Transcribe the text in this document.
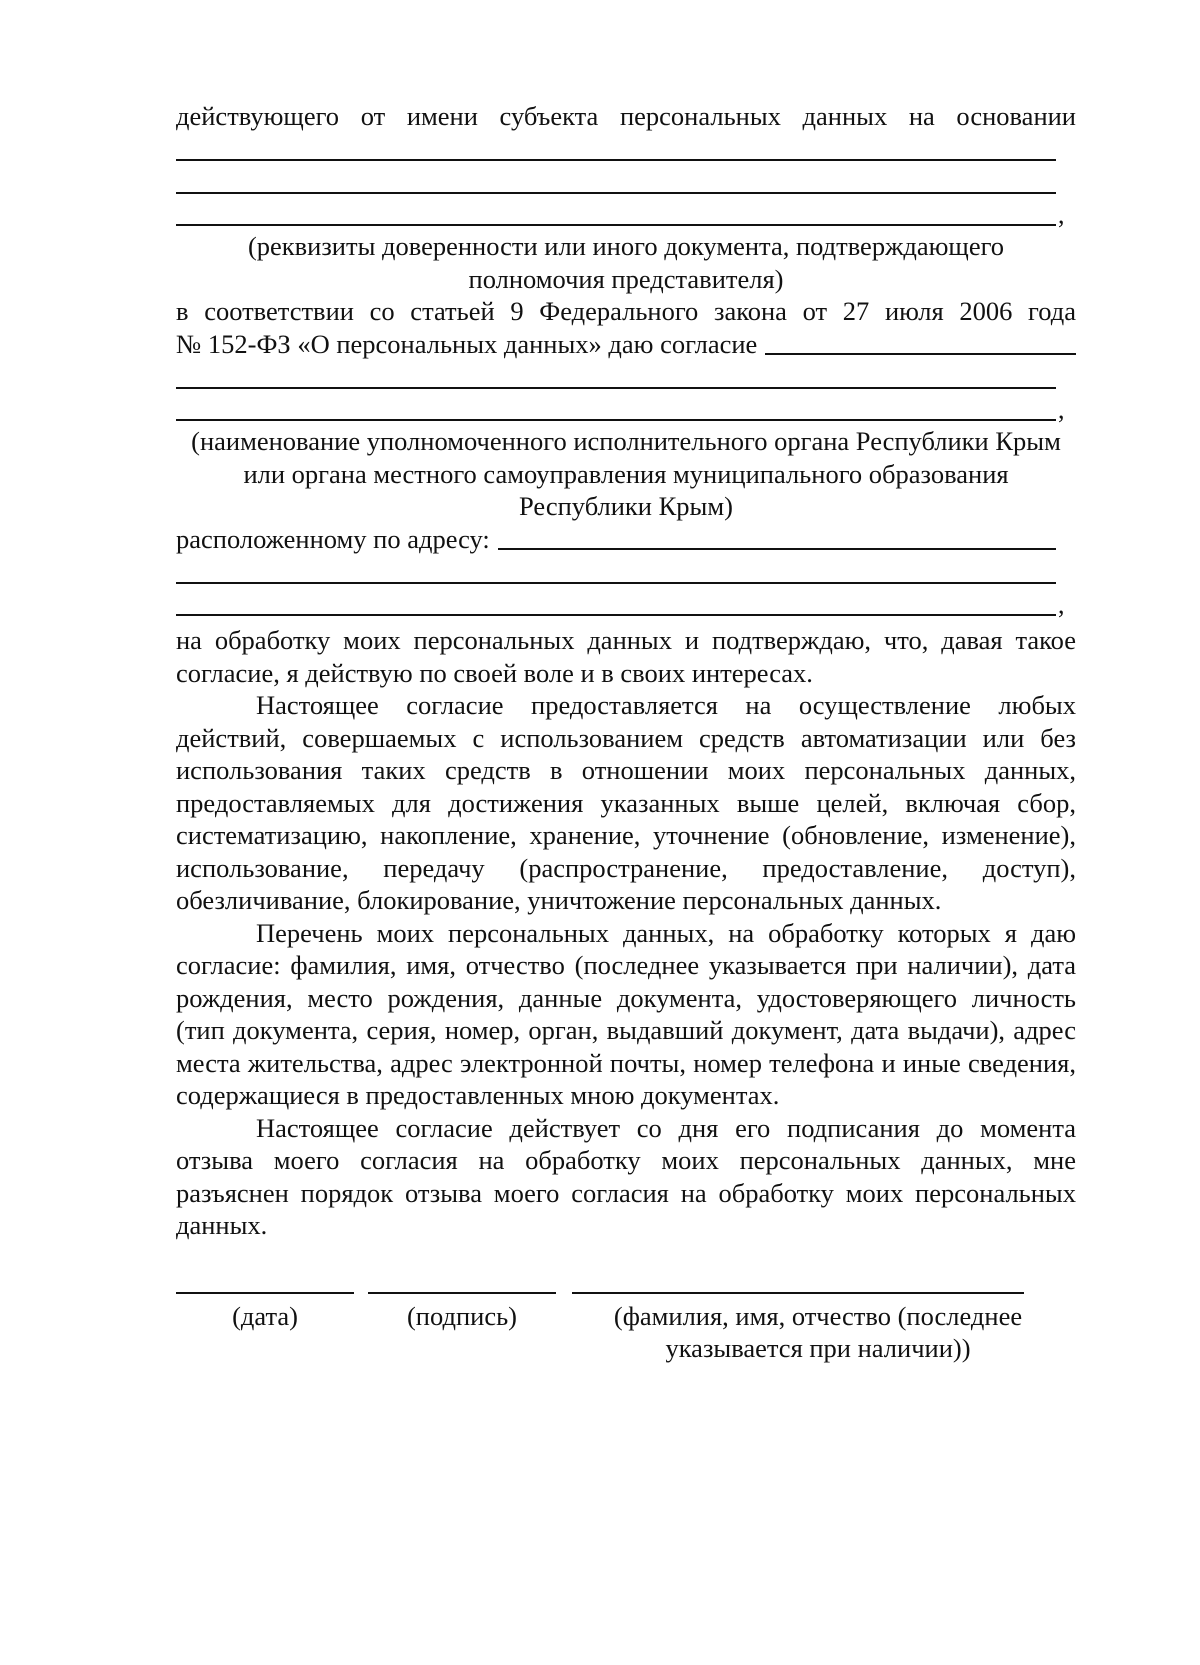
действующего от имени субъекта персональных данных на основании
,
(реквизиты доверенности или иного документа, подтверждающего полномочия представителя)
в соответствии со статьей 9 Федерального закона от 27 июля 2006 года
№ 152-ФЗ «О персональных данных» даю согласие
,
(наименование уполномоченного исполнительного органа Республики Крым или органа местного самоуправления муниципального образования Республики Крым)
расположенному по адресу:
,
на обработку моих персональных данных и подтверждаю, что, давая такое согласие, я действую по своей воле и в своих интересах.
Настоящее согласие предоставляется на осуществление любых действий, совершаемых с использованием средств автоматизации или без использования таких средств в отношении моих персональных данных, предоставляемых для достижения указанных выше целей, включая сбор, систематизацию, накопление, хранение, уточнение (обновление, изменение), использование, передачу (распространение, предоставление, доступ), обезличивание, блокирование, уничтожение персональных данных.
Перечень моих персональных данных, на обработку которых я даю согласие: фамилия, имя, отчество (последнее указывается при наличии), дата рождения, место рождения, данные документа, удостоверяющего личность (тип документа, серия, номер, орган, выдавший документ, дата выдачи), адрес места жительства, адрес электронной почты, номер телефона и иные сведения, содержащиеся в предоставленных мною документах.
Настоящее согласие действует со дня его подписания до момента отзыва моего согласия на обработку моих персональных данных, мне разъяснен порядок отзыва моего согласия на обработку моих персональных данных.
(дата)	(подпись)	(фамилия, имя, отчество (последнее указывается при наличии))
